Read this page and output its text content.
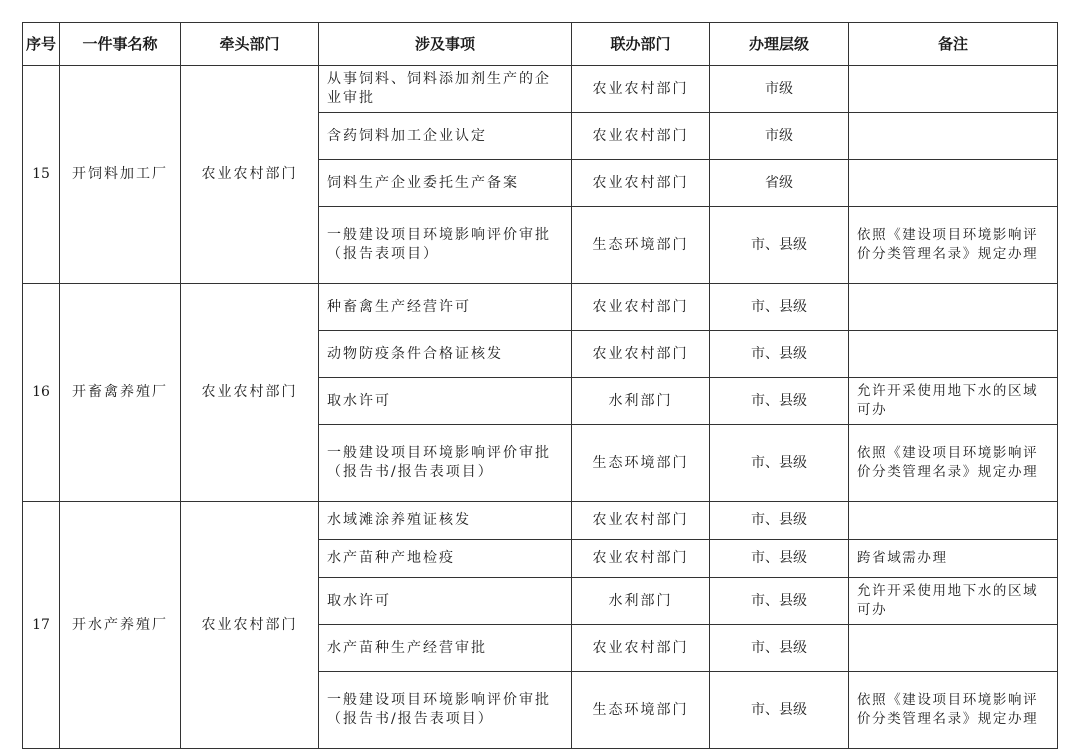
序号	一件事名称	牵头部门	涉及事项	联办部门	办理层级	备注
15	开饲料加工厂	农业农村部门	从事饲料、饲料添加剂生产的企业审批	农业农村部门	市级	
			含药饲料加工企业认定	农业农村部门	市级	
			饲料生产企业委托生产备案	农业农村部门	省级	
			一般建设项目环境影响评价审批（报告表项目）	生态环境部门	市、县级	依照《建设项目环境影响评价分类管理名录》规定办理
16	开畜禽养殖厂	农业农村部门	种畜禽生产经营许可	农业农村部门	市、县级	
			动物防疫条件合格证核发	农业农村部门	市、县级	
			取水许可	水利部门	市、县级	允许开采使用地下水的区域可办
			一般建设项目环境影响评价审批（报告书/报告表项目）	生态环境部门	市、县级	依照《建设项目环境影响评价分类管理名录》规定办理
17	开水产养殖厂	农业农村部门	水域滩涂养殖证核发	农业农村部门	市、县级	
			水产苗种产地检疫	农业农村部门	市、县级	跨省域需办理
			取水许可	水利部门	市、县级	允许开采使用地下水的区域可办
			水产苗种生产经营审批	农业农村部门	市、县级	
			一般建设项目环境影响评价审批（报告书/报告表项目）	生态环境部门	市、县级	依照《建设项目环境影响评价分类管理名录》规定办理
